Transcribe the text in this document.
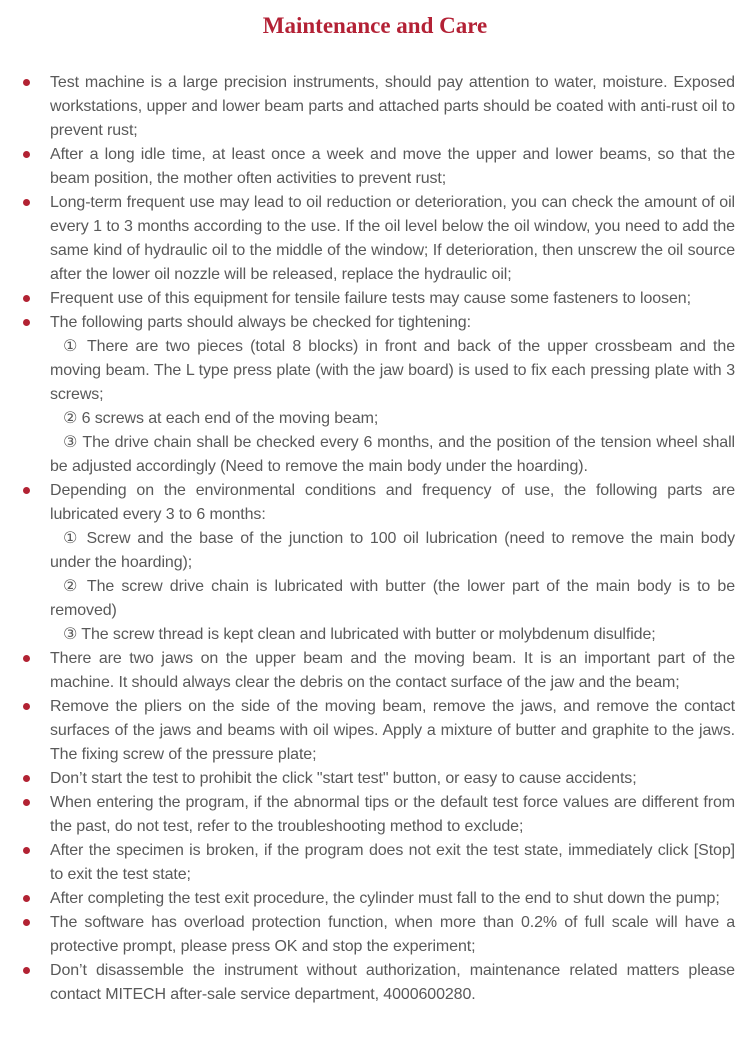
Maintenance and Care

Test machine is a large precision instruments, should pay attention to water, moisture. Exposed workstations, upper and lower beam parts and attached parts should be coated with anti-rust oil to prevent rust;

After a long idle time, at least once a week and move the upper and lower beams, so that the beam position, the mother often activities to prevent rust;

Long-term frequent use may lead to oil reduction or deterioration, you can check the amount of oil every 1 to 3 months according to the use. If the oil level below the oil window, you need to add the same kind of hydraulic oil to the middle of the window; If deterioration, then unscrew the oil source after the lower oil nozzle will be released, replace the hydraulic oil;

Frequent use of this equipment for tensile failure tests may cause some fasteners to loosen;

The following parts should always be checked for tightening:

① There are two pieces (total 8 blocks) in front and back of the upper crossbeam and the moving beam. The L type press plate (with the jaw board) is used to fix each pressing plate with 3 screws;

② 6 screws at each end of the moving beam;

③ The drive chain shall be checked every 6 months, and the position of the tension wheel shall be adjusted accordingly (Need to remove the main body under the hoarding).

Depending on the environmental conditions and frequency of use, the following parts are lubricated every 3 to 6 months:

① Screw and the base of the junction to 100 oil lubrication (need to remove the main body under the hoarding);

② The screw drive chain is lubricated with butter (the lower part of the main body is to be removed)

③ The screw thread is kept clean and lubricated with butter or molybdenum disulfide;

There are two jaws on the upper beam and the moving beam. It is an important part of the machine. It should always clear the debris on the contact surface of the jaw and the beam;

Remove the pliers on the side of the moving beam, remove the jaws, and remove the contact surfaces of the jaws and beams with oil wipes. Apply a mixture of butter and graphite to the jaws. The fixing screw of the pressure plate;

Don’t start the test to prohibit the click "start test" button, or easy to cause accidents;

When entering the program, if the abnormal tips or the default test force values are different from the past, do not test, refer to the troubleshooting method to exclude;

After the specimen is broken, if the program does not exit the test state, immediately click [Stop] to exit the test state;

After completing the test exit procedure, the cylinder must fall to the end to shut down the pump;

The software has overload protection function, when more than 0.2% of full scale will have a protective prompt, please press OK and stop the experiment;

Don’t disassemble the instrument without authorization, maintenance related matters please contact MITECH after-sale service department, 4000600280.
